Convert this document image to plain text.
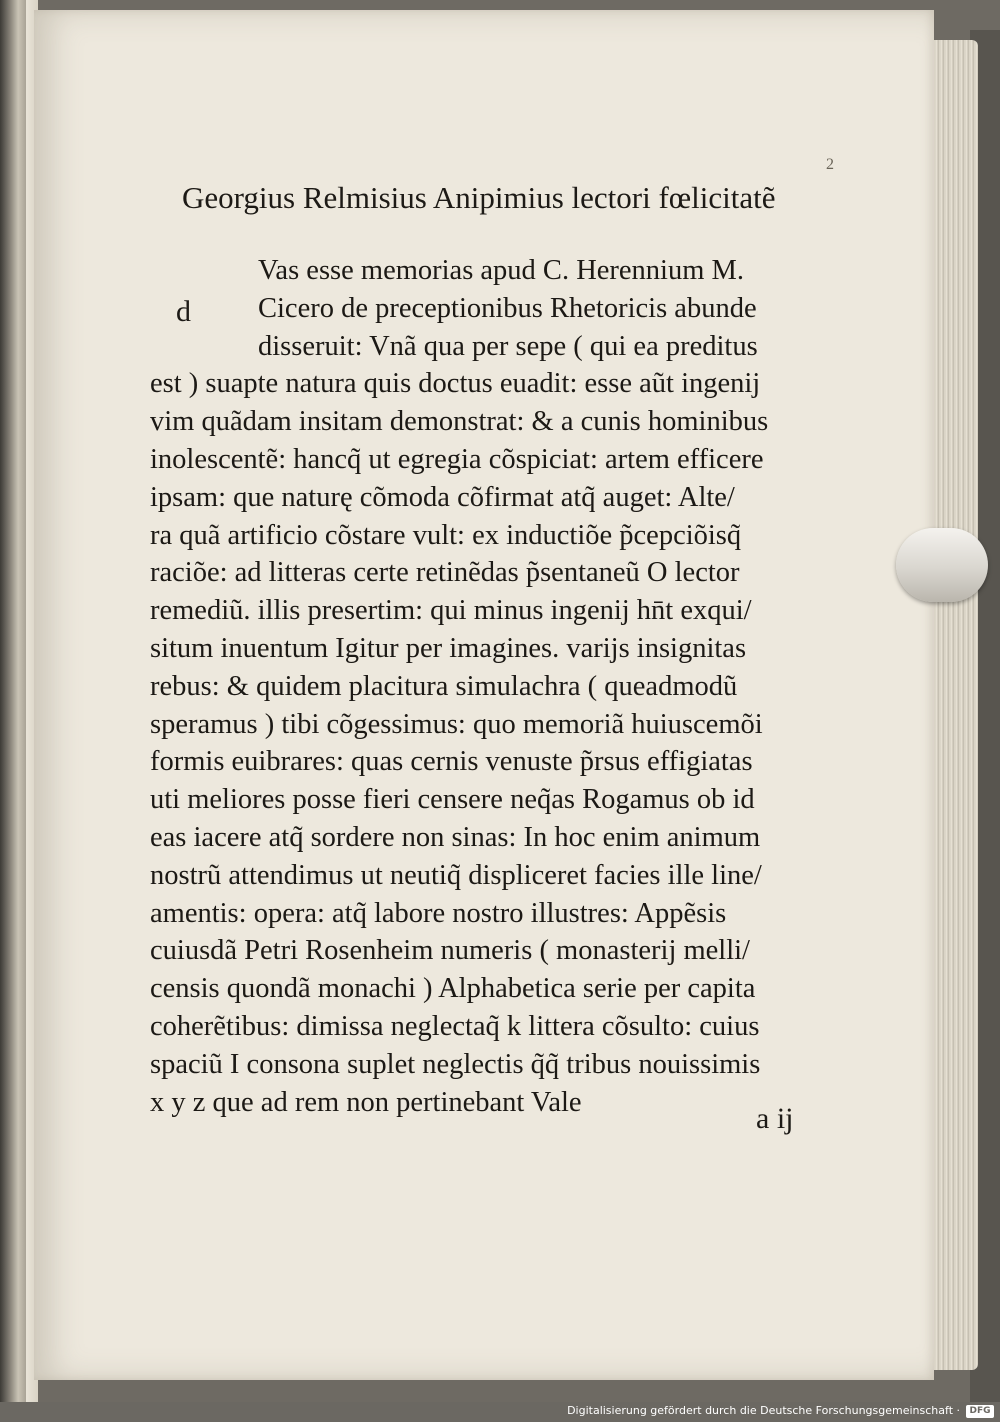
2
Georgius Relmisius Anipimius lectori fœlicitatẽ
d
Vas esse memorias apud C. Herennium M.
Cicero de preceptionibus Rhetoricis abunde
disseruit: Vnã qua per sepe ( qui ea preditus
est ) suapte natura quis doctus euadit: esse aũt ingenij
vim quãdam insitam demonstrat: & a cunis hominibus
inolescentẽ: hancq̃ ut egregia cõspiciat: artem efficere
ipsam: que naturę cõmoda cõfirmat atq̃ auget: Alte/
ra quã artificio cõstare vult: ex inductiõe p̃cepciõisq̃
raciõe: ad litteras certe retinẽdas p̃sentaneũ O lector
remediũ. illis presertim: qui minus ingenij hn̄t exqui/
situm inuentum Igitur per imagines. varijs insignitas
rebus: & quidem placitura simulachra ( queadmodũ
speramus ) tibi cõgessimus: quo memoriã huiuscemõi
formis euibrares: quas cernis venuste p̃rsus effigiatas
uti meliores posse fieri censere neq̃as Rogamus ob id
eas iacere atq̃ sordere non sinas: In hoc enim animum
nostrũ attendimus ut neutiq̃ displiceret facies ille line/
amentis: opera: atq̃ labore nostro illustres: Appẽsis
cuiusdã Petri Rosenheim numeris ( monasterij melli/
censis quondã monachi ) Alphabetica serie per capita
coherẽtibus: dimissa neglectaq̃ k littera cõsulto: cuius
spaciũ I consona suplet neglectis q̃q̃ tribus nouissimis
x y z que ad rem non pertinebant Vale	a ij
Digitalisierung gefördert durch die Deutsche Forschungsgemeinschaft ·	DFG
